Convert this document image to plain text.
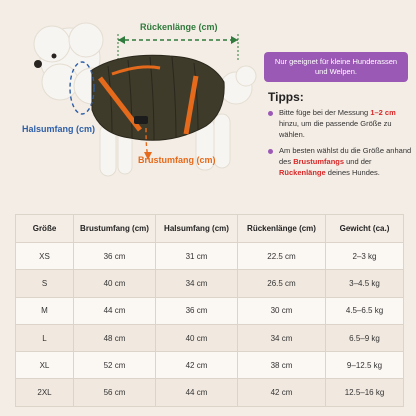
Rückenlänge (cm)
Halsumfang (cm)
Brustumfang (cm)
Nur geeignet für kleine Hunderassen und Welpen.
Tipps:
Bitte füge bei der Messung 1–2 cm hinzu, um die passende Größe zu wählen.
Am besten wählst du die Größe anhand des Brustumfangs und der Rückenlänge deines Hundes.
Größe	Brustumfang (cm)	Halsumfang (cm)	Rückenlänge (cm)	Gewicht (ca.)
XS	36 cm	31 cm	22.5 cm	2–3 kg
S	40 cm	34 cm	26.5 cm	3–4.5 kg
M	44 cm	36 cm	30 cm	4.5–6.5 kg
L	48 cm	40 cm	34 cm	6.5–9 kg
XL	52 cm	42 cm	38 cm	9–12.5 kg
2XL	56 cm	44 cm	42 cm	12.5–16 kg
